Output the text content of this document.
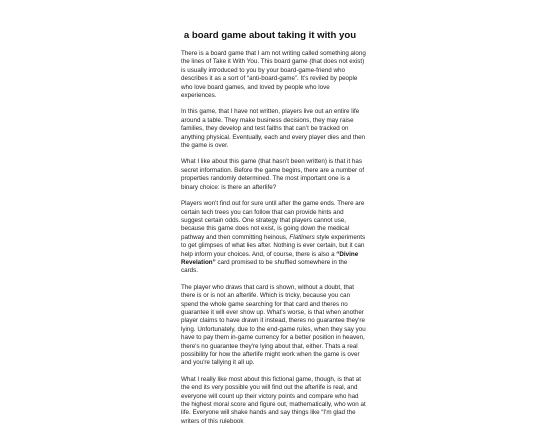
a board game about taking it with you

There is a board game that I am not writing called something along the lines of Take it With You. This board game (that does not exist) is usually introduced to you by your board-game-friend who describes it as a sort of “anti-board-game”. It’s reviled by people who love board games, and loved by people who love experiences.

In this game, that I have not written, players live out an entire life around a table. They make business decisions, they may raise families, they develop and test faiths that can’t be tracked on anything physical. Eventually, each and every player dies and then the game is over.

What I like about this game (that hasn’t been written) is that it has secret information. Before the game begins, there are a number of properties randomly determined. The most important one is a binary choice: is there an afterlife?

Players won’t find out for sure until after the game ends. There are certain tech trees you can follow that can provide hints and suggest certain odds. One strategy that players cannot use, because this game does not exist, is going down the medical pathway and then committing heinous, Flatliners style experiments to get glimpses of what lies after. Nothing is ever certain, but it can help inform your choices. And, of course, there is also a “Divine Revelation” card promised to be shuffled somewhere in the cards.

The player who draws that card is shown, without a doubt, that there is or is not an afterlife. Which is tricky, because you can spend the whole game searching for that card and theres no guarantee it will ever show up. What's worse, is that when another player claims to have drawn it instead, theres no guarantee they're lying. Unfortunately, due to the end-game rules, when they say you have to pay them in-game currency for a better position in heaven, there's no guarantee they're lying about that, either. Thats a real possibility for how the afterlife might work when the game is over and you're tallying it all up.

What I really like most about this fictional game, though, is that at the end its very possible you will find out the afterlife is real, and everyone will count up their victory points and compare who had the highest moral score and figure out, mathematically, who won at life. Everyone will shake hands and say things like “I'm glad the writers of this rulebook
